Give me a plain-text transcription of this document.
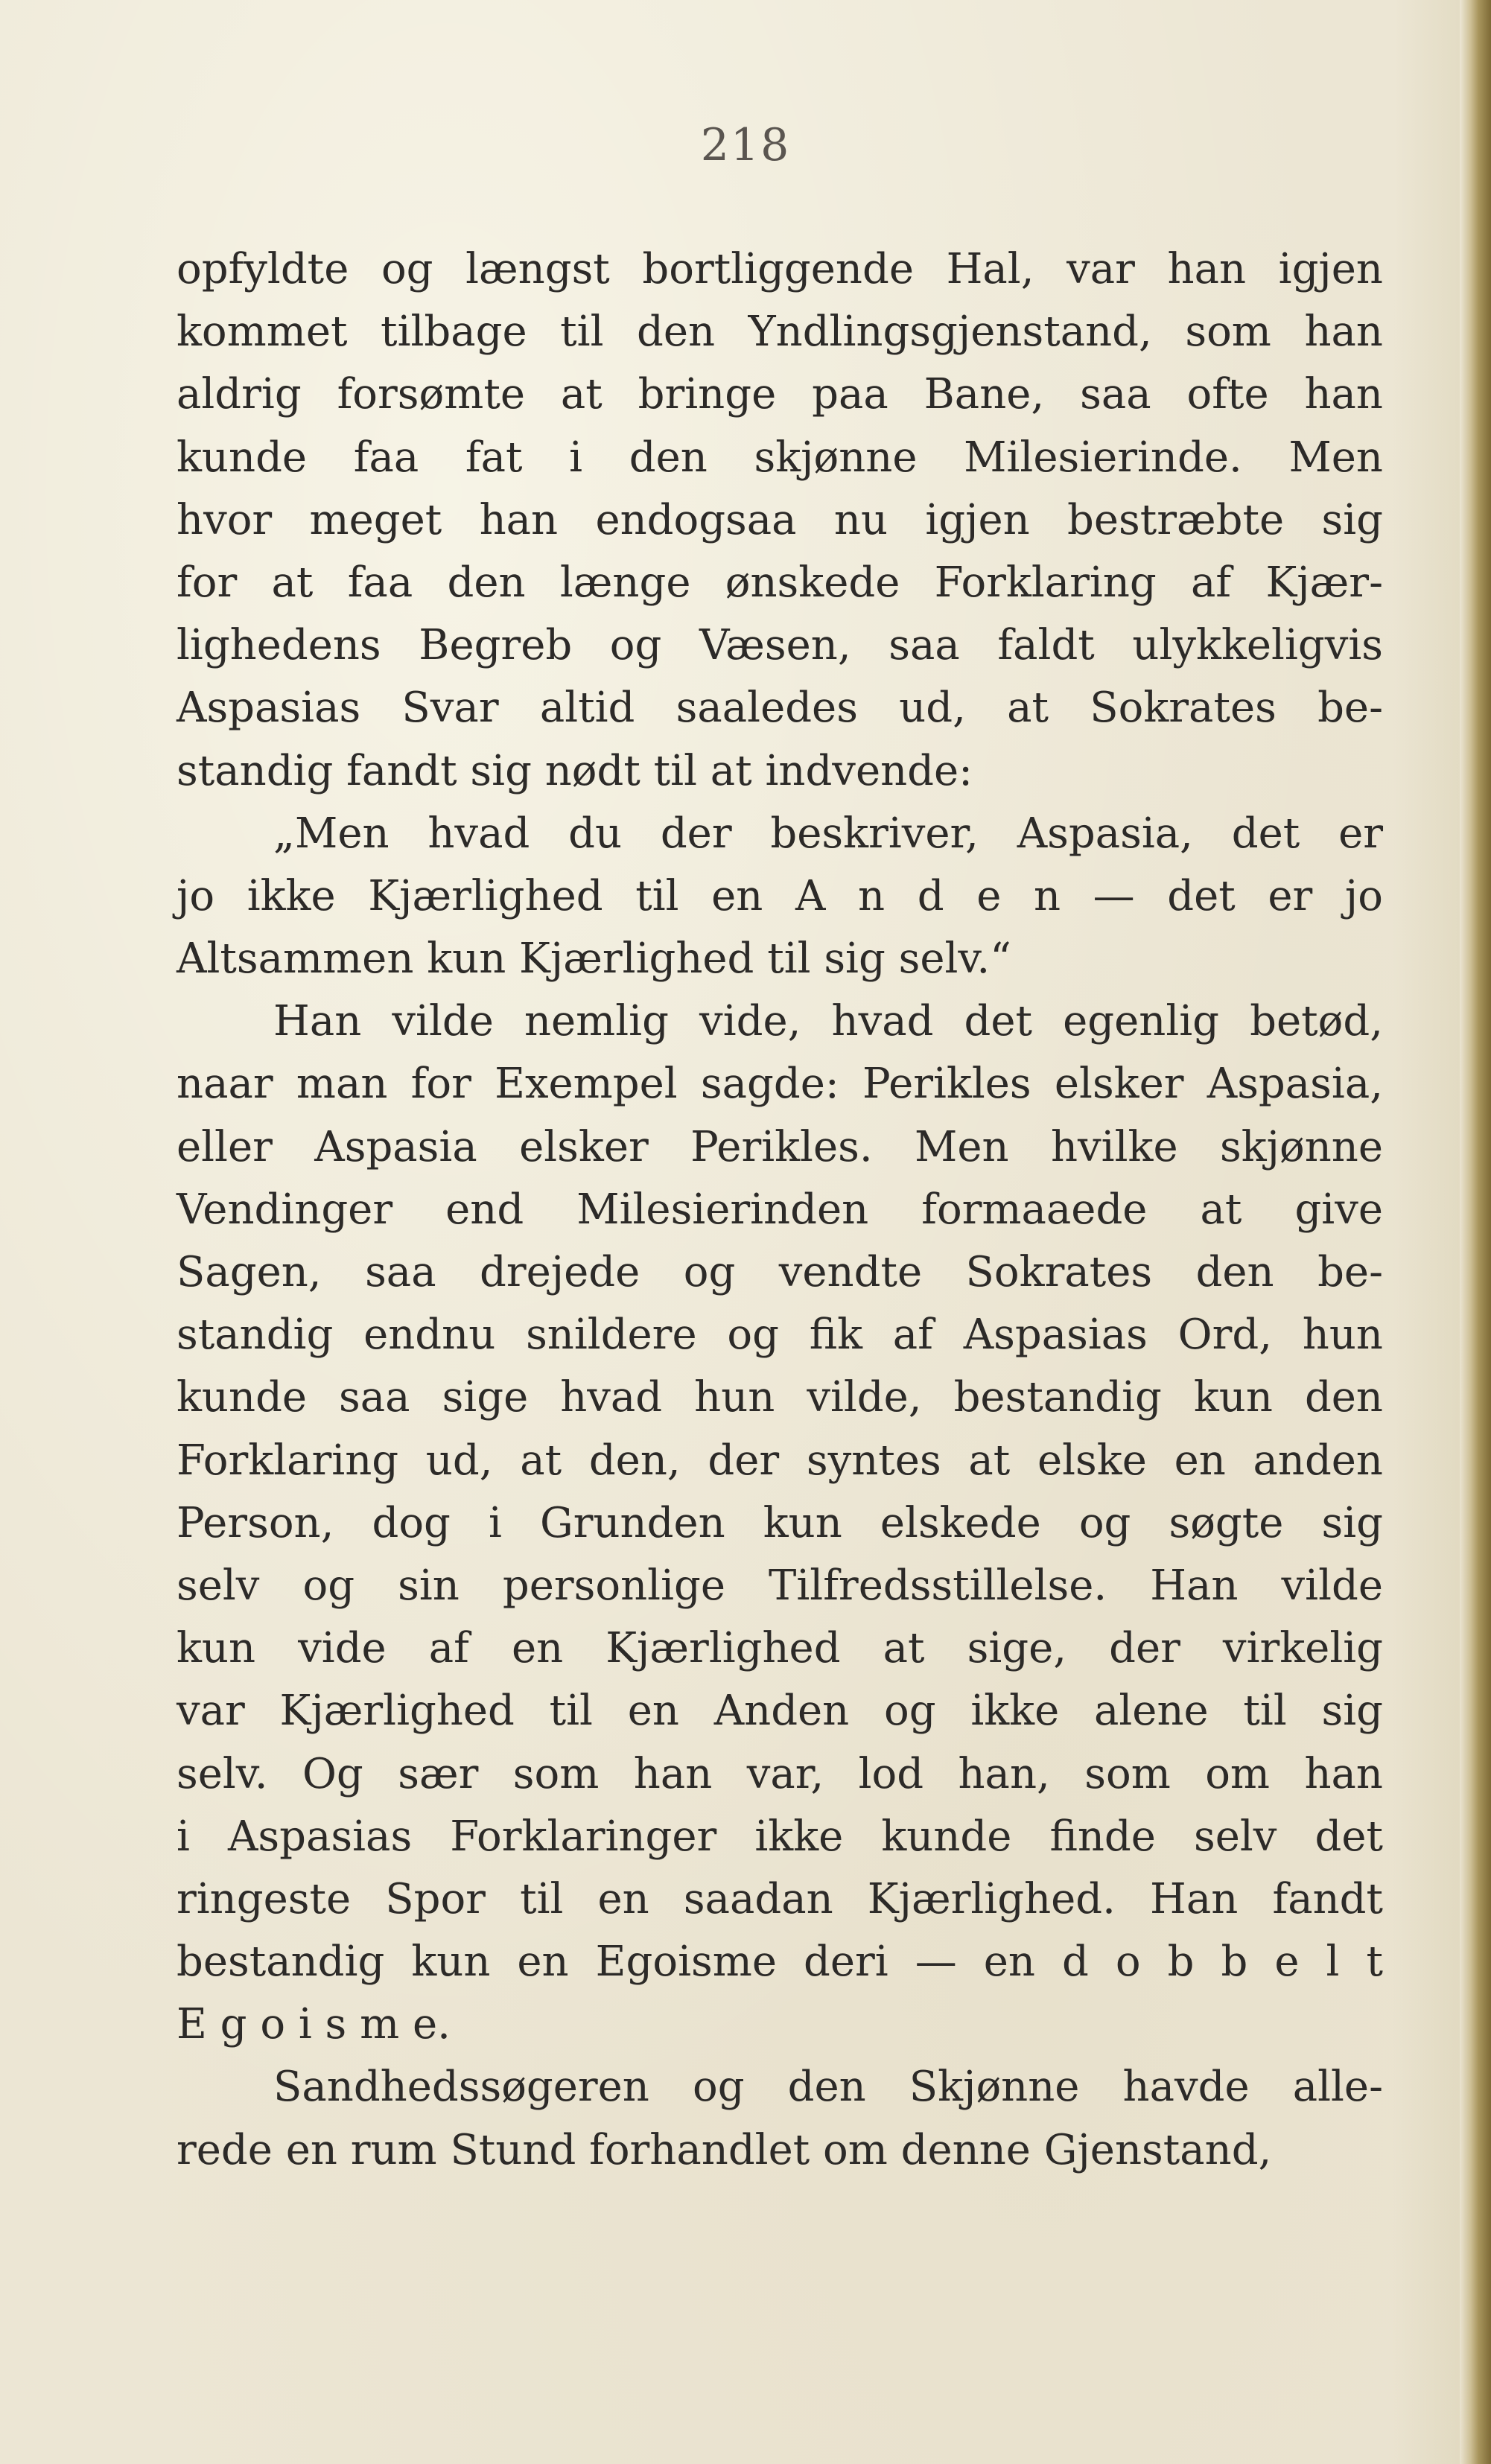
218
opfyldte og længst bortliggende Hal, var han igjen
kommet tilbage til den Yndlingsgjenstand, som han
aldrig forsømte at bringe paa Bane, saa ofte han
kunde faa fat i den skjønne Milesierinde. Men
hvor meget han endogsaa nu igjen bestræbte sig
for at faa den længe ønskede Forklaring af Kjær-
lighedens Begreb og Væsen, saa faldt ulykkeligvis
Aspasias Svar altid saaledes ud, at Sokrates be-
standig fandt sig nødt til at indvende:
„Men hvad du der beskriver, Aspasia, det er
jo ikke Kjærlighed til en A n d e n — det er jo
Altsammen kun Kjærlighed til sig selv.“
Han vilde nemlig vide, hvad det egenlig betød,
naar man for Exempel sagde: Perikles elsker Aspasia,
eller Aspasia elsker Perikles. Men hvilke skjønne
Vendinger end Milesierinden formaaede at give
Sagen, saa drejede og vendte Sokrates den be-
standig endnu snildere og fik af Aspasias Ord, hun
kunde saa sige hvad hun vilde, bestandig kun den
Forklaring ud, at den, der syntes at elske en anden
Person, dog i Grunden kun elskede og søgte sig
selv og sin personlige Tilfredsstillelse. Han vilde
kun vide af en Kjærlighed at sige, der virkelig
var Kjærlighed til en Anden og ikke alene til sig
selv. Og sær som han var, lod han, som om han
i Aspasias Forklaringer ikke kunde finde selv det
ringeste Spor til en saadan Kjærlighed. Han fandt
bestandig kun en Egoisme deri — en d o b b e l t
E g o i s m e.
Sandhedssøgeren og den Skjønne havde alle-
rede en rum Stund forhandlet om denne Gjenstand,
